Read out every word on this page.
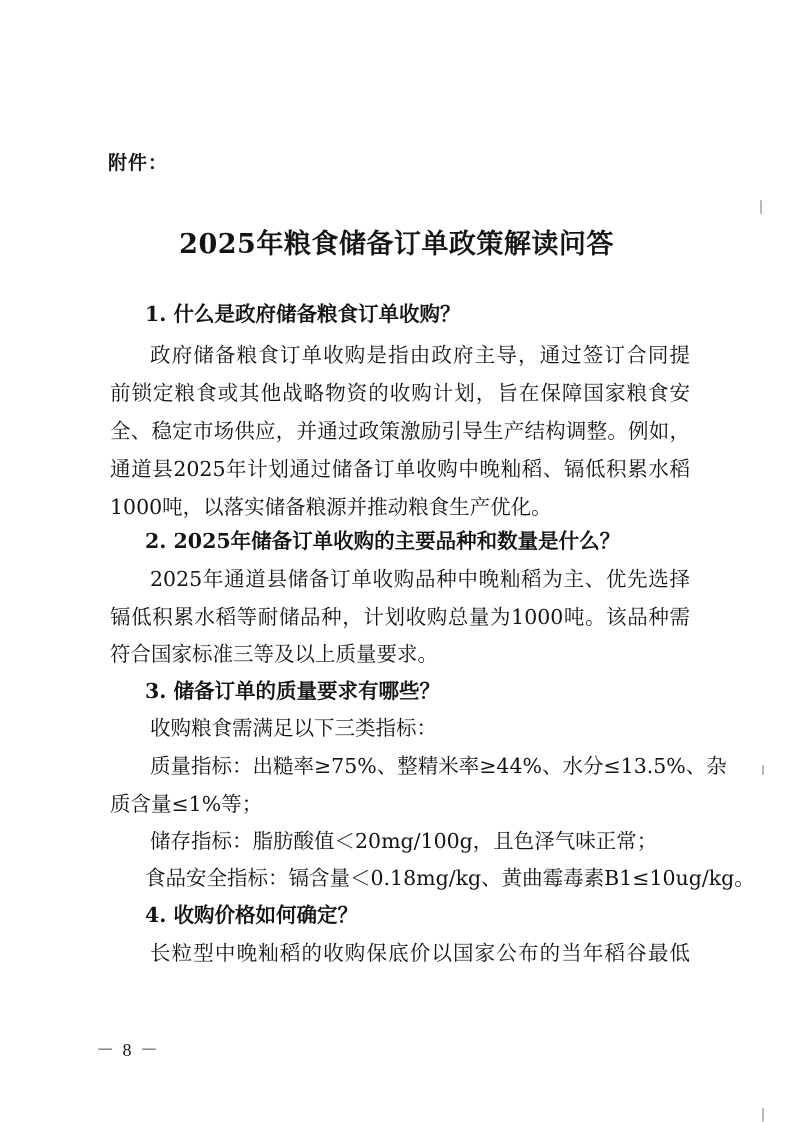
附件：
2025年粮食储备订单政策解读问答
1. 什么是政府储备粮食订单收购？
政府储备粮食订单收购是指由政府主导，通过签订合同提
前锁定粮食或其他战略物资的收购计划，旨在保障国家粮食安
全、稳定市场供应，并通过政策激励引导生产结构调整。例如，
通道县2025年计划通过储备订单收购中晚籼稻、镉低积累水稻
1000吨，以落实储备粮源并推动粮食生产优化。
2. 2025年储备订单收购的主要品种和数量是什么？
2025年通道县储备订单收购品种中晚籼稻为主、优先选择
镉低积累水稻等耐储品种，计划收购总量为1000吨。该品种需
符合国家标准三等及以上质量要求。
3. 储备订单的质量要求有哪些？
收购粮食需满足以下三类指标：
质量指标：出糙率≥75%、整精米率≥44%、水分≤13.5%、杂
质含量≤1%等；
储存指标：脂肪酸值＜20mg/100g，且色泽气味正常；
食品安全指标：镉含量＜0.18mg/kg、黄曲霉毒素B1≤10ug/kg。
4. 收购价格如何确定？
长粒型中晚籼稻的收购保底价以国家公布的当年稻谷最低
－ 8 －
